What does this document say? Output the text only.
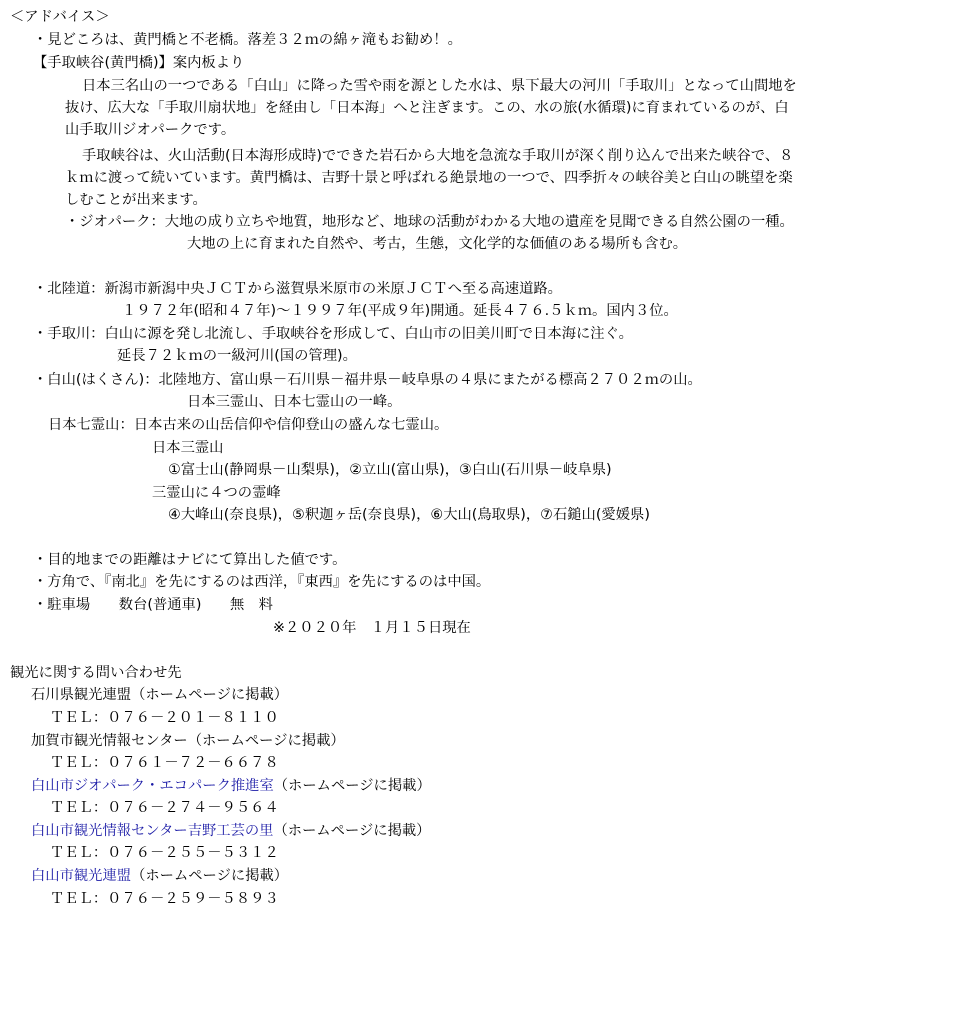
＜アドバイス＞
・見どころは、黄門橋と不老橋。落差３２ｍの綿ヶ滝もお勧め！。
【手取峡谷(黄門橋)】案内板より
日本三名山の一つである「白山」に降った雪や雨を源とした水は、県下最大の河川「手取川」となって山間地を
抜け、広大な「手取川扇状地」を経由し「日本海」へと注ぎます。この、水の旅(水循環)に育まれているのが、白
山手取川ジオパークです。
手取峡谷は、火山活動(日本海形成時)でできた岩石から大地を急流な手取川が深く削り込んで出来た峡谷で、８
ｋｍに渡って続いています。黄門橋は、吉野十景と呼ばれる絶景地の一つで、四季折々の峡谷美と白山の眺望を楽
しむことが出来ます。
・ジオパーク：大地の成り立ちや地質，地形など、地球の活動がわかる大地の遺産を見聞できる自然公園の一種。
大地の上に育まれた自然や、考古，生態，文化学的な価値のある場所も含む。
・北陸道：新潟市新潟中央ＪＣＴから滋賀県米原市の米原ＪＣＴへ至る高速道路。
１９７２年(昭和４７年)～１９９７年(平成９年)開通。延長４７６.５ｋｍ。国内３位。
・手取川：白山に源を発し北流し、手取峡谷を形成して、白山市の旧美川町で日本海に注ぐ。
延長７２ｋｍの一級河川(国の管理)。
・白山(はくさん)：北陸地方、富山県－石川県－福井県－岐阜県の４県にまたがる標高２７０２ｍの山。
日本三霊山、日本七霊山の一峰。
日本七霊山：日本古来の山岳信仰や信仰登山の盛んな七霊山。
日本三霊山
①富士山(静岡県－山梨県)，②立山(富山県)，③白山(石川県－岐阜県)
三霊山に４つの霊峰
④大峰山(奈良県)，⑤釈迦ヶ岳(奈良県)，⑥大山(鳥取県)，⑦石鎚山(愛媛県)
・目的地までの距離はナビにて算出した値です。
・方角で、『南北』を先にするのは西洋，『東西』を先にするのは中国。
・駐車場　　数台(普通車)　　無　料
※２０２０年　１月１５日現在
観光に関する問い合わせ先
石川県観光連盟（ホームページに掲載）
ＴＥＬ：０７６－２０１－８１１０
加賀市観光情報センター（ホームページに掲載）
ＴＥＬ：０７６１－７２－６６７８
白山市ジオパーク・エコパーク推進室（ホームページに掲載）
ＴＥＬ：０７６－２７４－９５６４
白山市観光情報センター吉野工芸の里（ホームページに掲載）
ＴＥＬ：０７６－２５５－５３１２
白山市観光連盟（ホームページに掲載）
ＴＥＬ：０７６－２５９－５８９３
